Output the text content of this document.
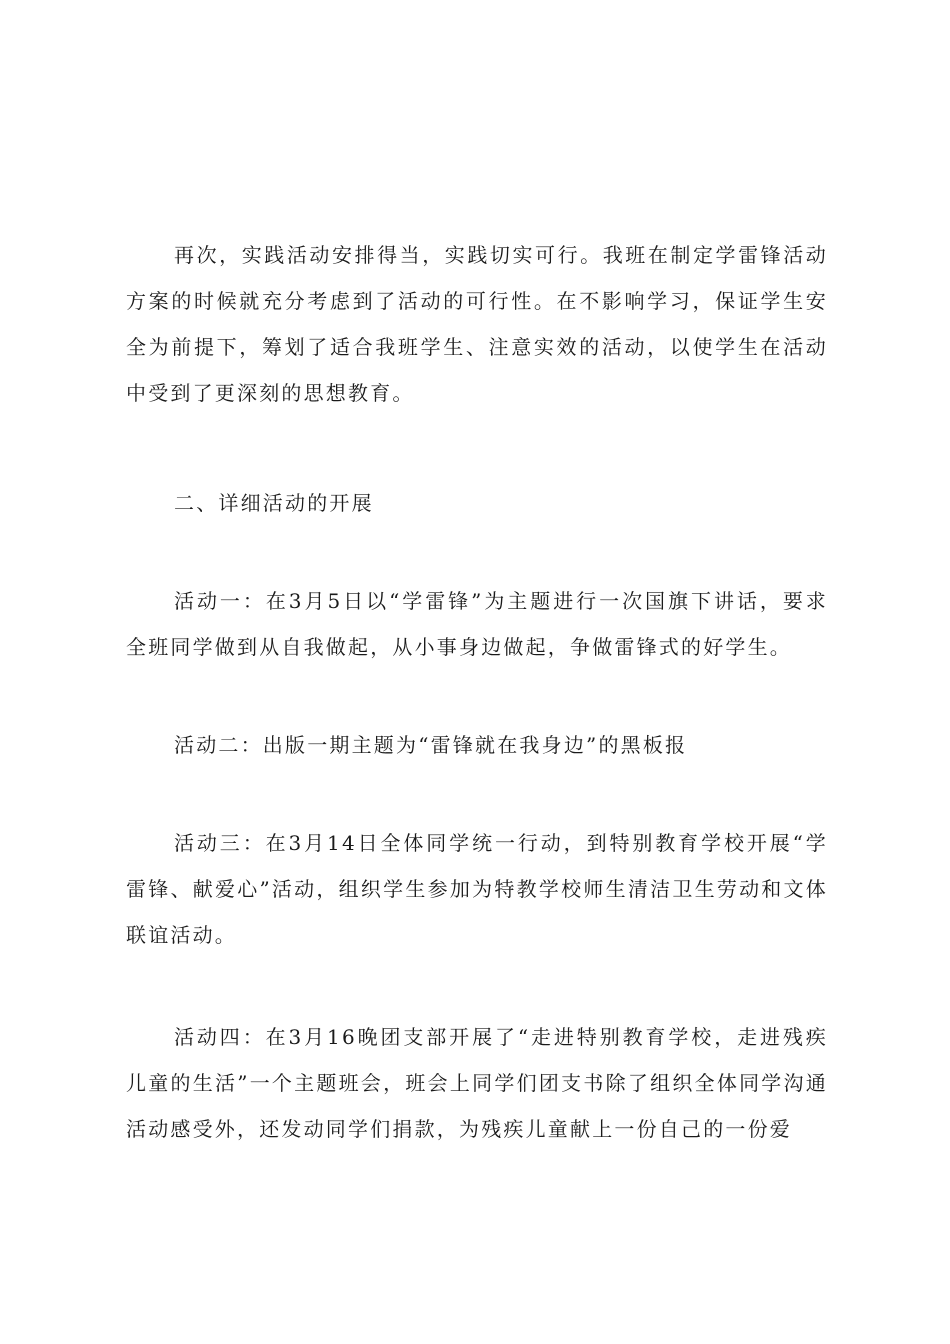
再次，实践活动安排得当，实践切实可行。我班在制定学雷锋活动方案的时候就充分考虑到了活动的可行性。在不影响学习，保证学生安全为前提下，筹划了适合我班学生、注意实效的活动，以使学生在活动中受到了更深刻的思想教育。

二、详细活动的开展

活动一：在3月5日以“学雷锋”为主题进行一次国旗下讲话，要求全班同学做到从自我做起，从小事身边做起，争做雷锋式的好学生。

活动二：出版一期主题为“雷锋就在我身边”的黑板报

活动三：在3月14日全体同学统一行动，到特别教育学校开展“学雷锋、献爱心”活动，组织学生参加为特教学校师生清洁卫生劳动和文体联谊活动。

活动四：在3月16晚团支部开展了“走进特别教育学校，走进残疾儿童的生活”一个主题班会，班会上同学们团支书除了组织全体同学沟通活动感受外，还发动同学们捐款，为残疾儿童献上一份自己的一份爱
